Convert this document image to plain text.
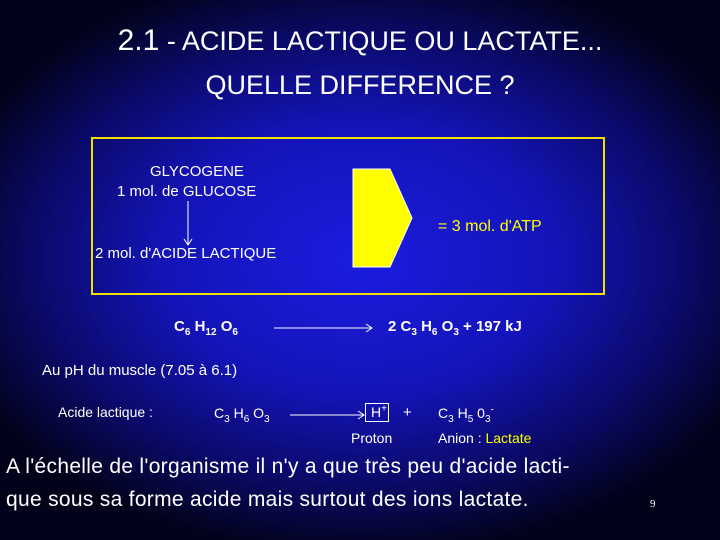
2.1 - ACIDE LACTIQUE OU LACTATE...
QUELLE DIFFERENCE ?
GLYCOGENE
1 mol. de GLUCOSE
2 mol. d'ACIDE LACTIQUE
= 3 mol. d'ATP
$C_6$ $H_{12}$ $O_6$	2 $C_3$ $H_6$ $O_3 + 197$ kJ
Au pH du muscle (7.05 à 6.1)
Acide lactique :	$C_3$ $H_6$ $O_3$	$H^+ + C_3$ $H_5$ $0_3^-$
Proton	Anion : Lactate
A l'échelle de l'organisme il n'y a que très peu d'acide lacti-
que sous sa forme acide mais surtout des ions lactate.	9
